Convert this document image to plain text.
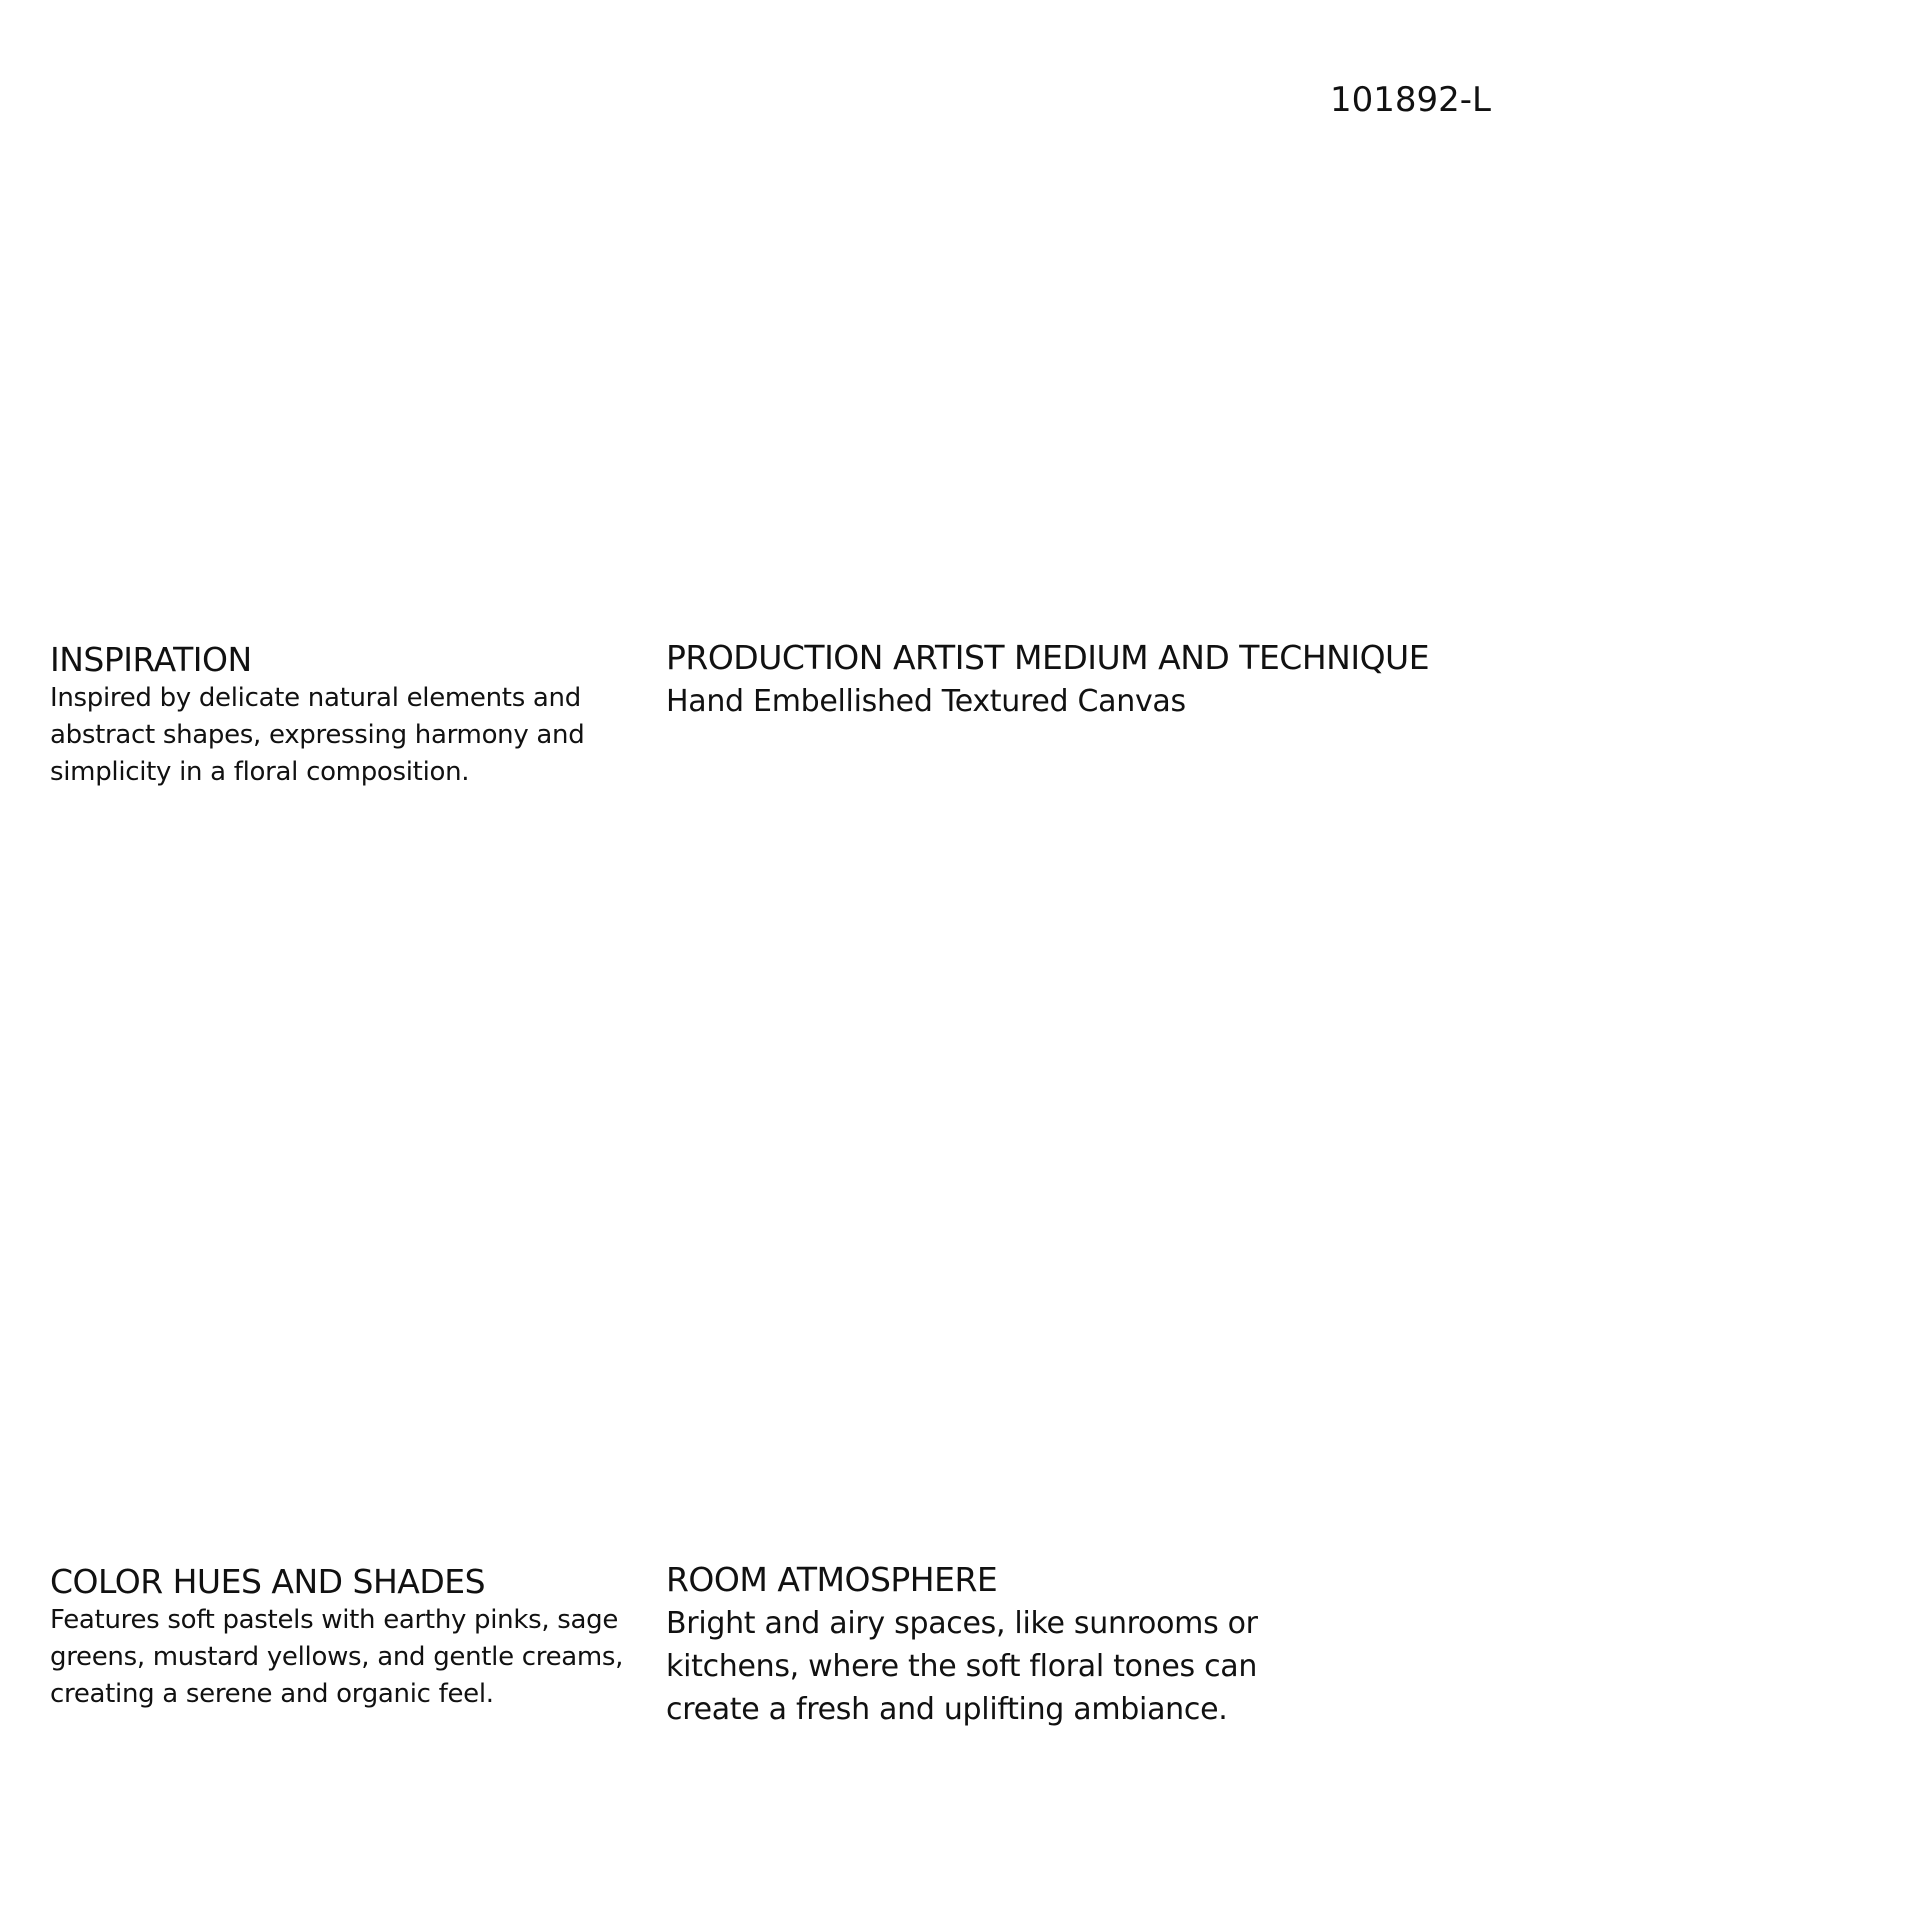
101892-L
INSPIRATION
Inspired by delicate natural elements and abstract shapes, expressing harmony and simplicity in a floral composition.
PRODUCTION ARTIST MEDIUM AND TECHNIQUE
Hand Embellished Textured Canvas
COLOR HUES AND SHADES
Features soft pastels with earthy pinks, sage greens, mustard yellows, and gentle creams, creating a serene and organic feel.
ROOM ATMOSPHERE
Bright and airy spaces, like sunrooms or kitchens, where the soft floral tones can create a fresh and uplifting ambiance.
